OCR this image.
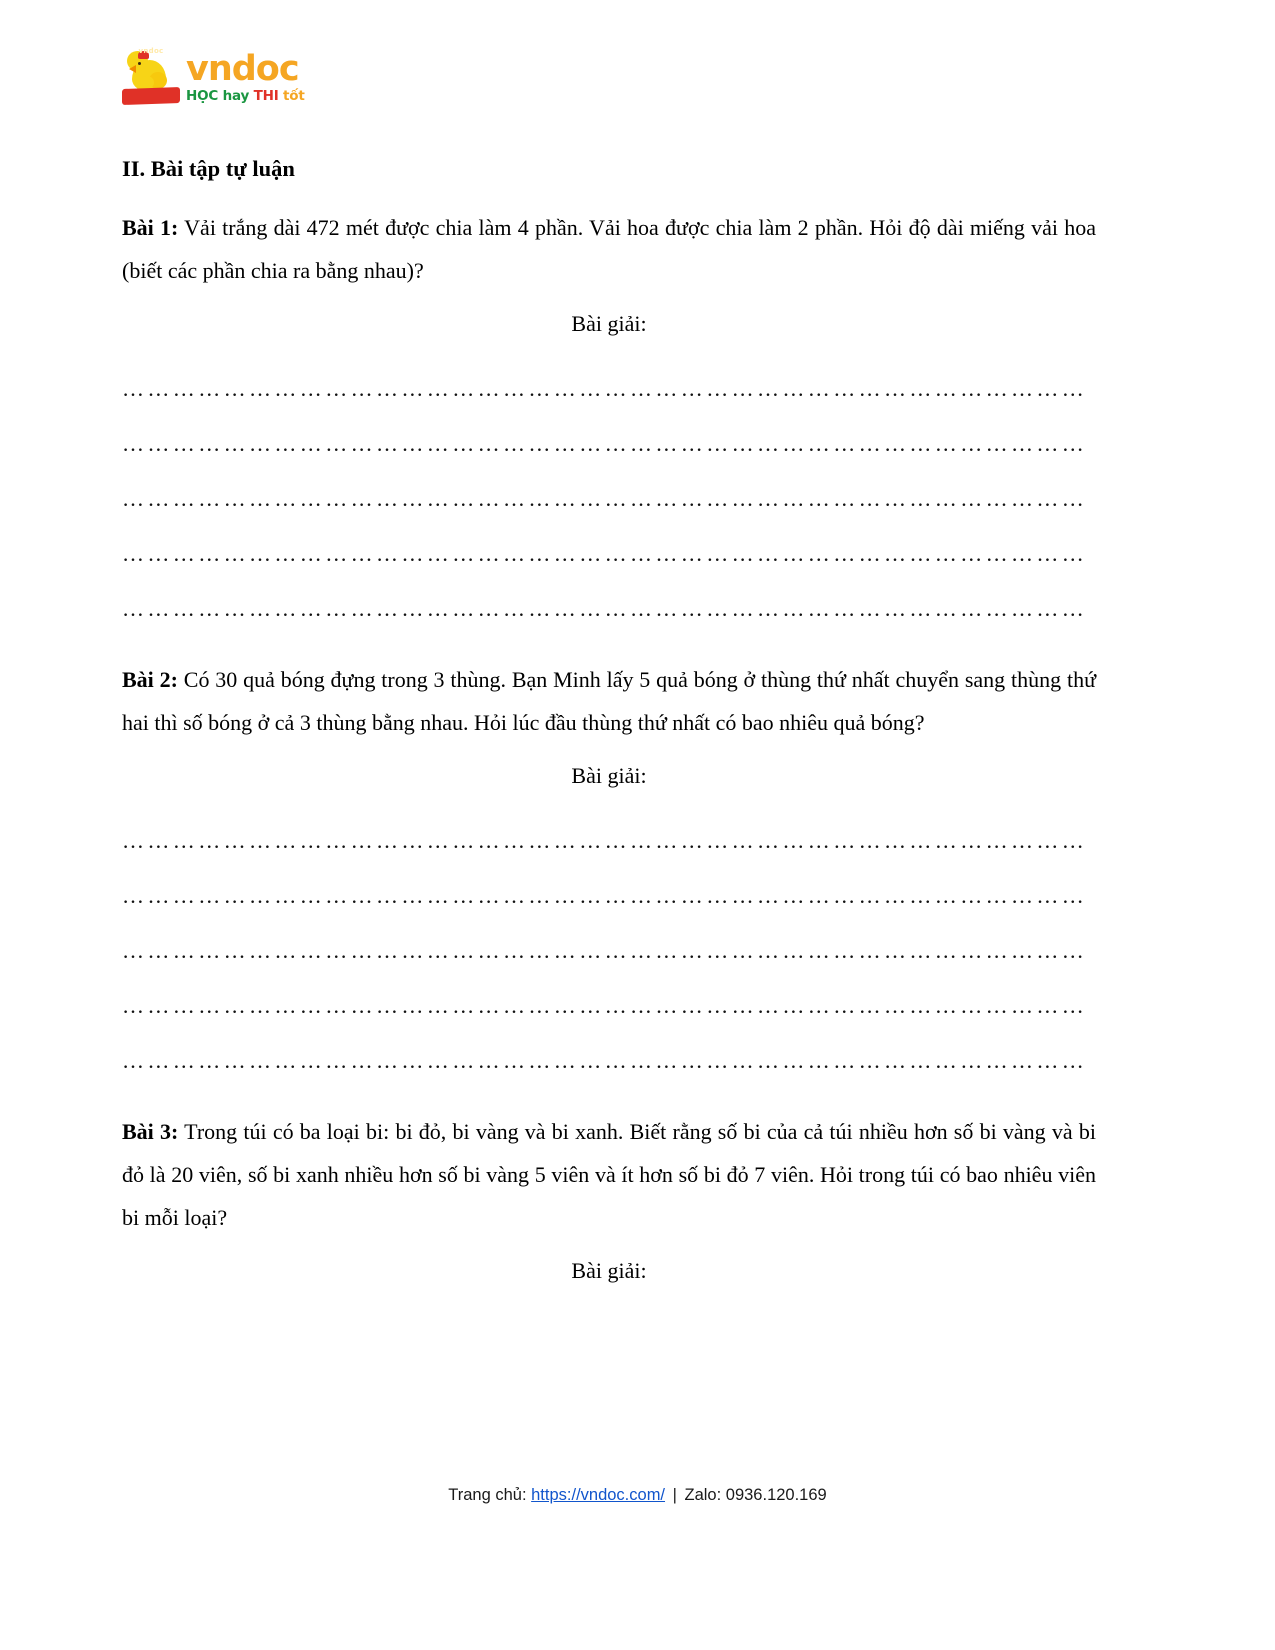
vndoc vndoc
HỌC hay THI tốt
II. Bài tập tự luận

Bài 1: Vải trắng dài 472 mét được chia làm 4 phần. Vải hoa được chia làm 2 phần. Hỏi độ dài miếng vải hoa (biết các phần chia ra bằng nhau)?

Bài giải:

……………………………………………………………………………………………………
……………………………………………………………………………………………………
……………………………………………………………………………………………………
……………………………………………………………………………………………………
……………………………………………………………………………………………………

Bài 2: Có 30 quả bóng đựng trong 3 thùng. Bạn Minh lấy 5 quả bóng ở thùng thứ nhất chuyển sang thùng thứ hai thì số bóng ở cả 3 thùng bằng nhau. Hỏi lúc đầu thùng thứ nhất có bao nhiêu quả bóng?

Bài giải:

……………………………………………………………………………………………………
……………………………………………………………………………………………………
……………………………………………………………………………………………………
……………………………………………………………………………………………………
……………………………………………………………………………………………………

Bài 3: Trong túi có ba loại bi: bi đỏ, bi vàng và bi xanh. Biết rằng số bi của cả túi nhiều hơn số bi vàng và bi đỏ là 20 viên, số bi xanh nhiều hơn số bi vàng 5 viên và ít hơn số bi đỏ 7 viên. Hỏi trong túi có bao nhiêu viên bi mỗi loại?

Bài giải:

Trang chủ: https://vndoc.com/ | Zalo: 0936.120.169
